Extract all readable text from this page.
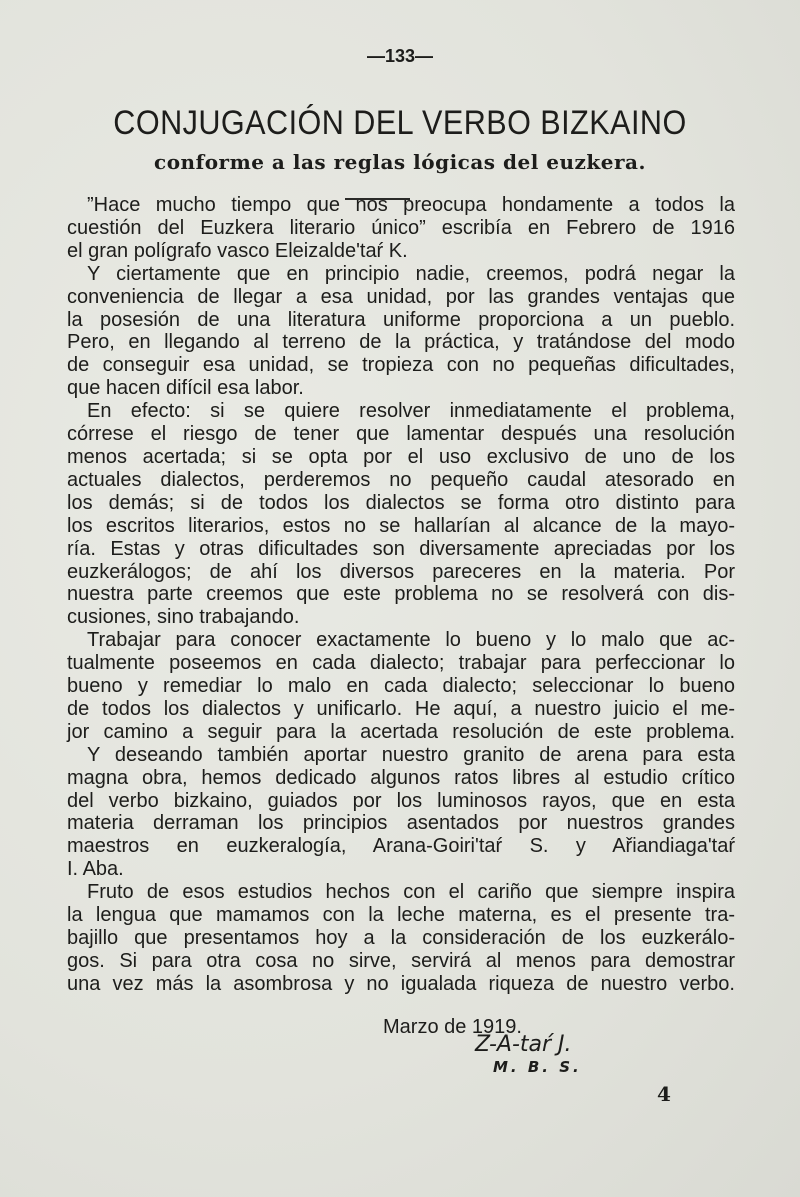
—133—
CONJUGACIÓN DEL VERBO BIZKAINO
conforme a las reglas lógicas del euzkera.
”Hace mucho tiempo que nos preocupa hondamente a todos la
cuestión del Euzkera literario único” escribía en Febrero de 1916
el gran polígrafo vasco Eleizalde'taŕ K.
Y ciertamente que en principio nadie, creemos, podrá negar la
conveniencia de llegar a esa unidad, por las grandes ventajas que
la posesión de una literatura uniforme proporciona a un pueblo.
Pero, en llegando al terreno de la práctica, y tratándose del modo
de conseguir esa unidad, se tropieza con no pequeñas dificultades,
que hacen difícil esa labor.
En efecto: si se quiere resolver inmediatamente el problema,
córrese el riesgo de tener que lamentar después una resolución
menos acertada; si se opta por el uso exclusivo de uno de los
actuales dialectos, perderemos no pequeño caudal atesorado en
los demás; si de todos los dialectos se forma otro distinto para
los escritos literarios, estos no se hallarían al alcance de la mayo-
ría. Estas y otras dificultades son diversamente apreciadas por los
euzkerálogos; de ahí los diversos pareceres en la materia. Por
nuestra parte creemos que este problema no se resolverá con dis-
cusiones, sino trabajando.
Trabajar para conocer exactamente lo bueno y lo malo que ac-
tualmente poseemos en cada dialecto; trabajar para perfeccionar lo
bueno y remediar lo malo en cada dialecto; seleccionar lo bueno
de todos los dialectos y unificarlo. He aquí, a nuestro juicio el me-
jor camino a seguir para la acertada resolución de este problema.
Y deseando también aportar nuestro granito de arena para esta
magna obra, hemos dedicado algunos ratos libres al estudio crítico
del verbo bizkaino, guiados por los luminosos rayos, que en esta
materia derraman los principios asentados por nuestros grandes
maestros en euzkeralogía, Arana-Goiri'taŕ S. y Ařiandiaga'taŕ
I. Aba.
Fruto de esos estudios hechos con el cariño que siempre inspira
la lengua que mamamos con la leche materna, es el presente tra-
bajillo que presentamos hoy a la consideración de los euzkerálo-
gos. Si para otra cosa no sirve, servirá al menos para demostrar
una vez más la asombrosa y no igualada riqueza de nuestro verbo.
Marzo de 1919.
Z-A-taŕ J.
M. B. S.
4
